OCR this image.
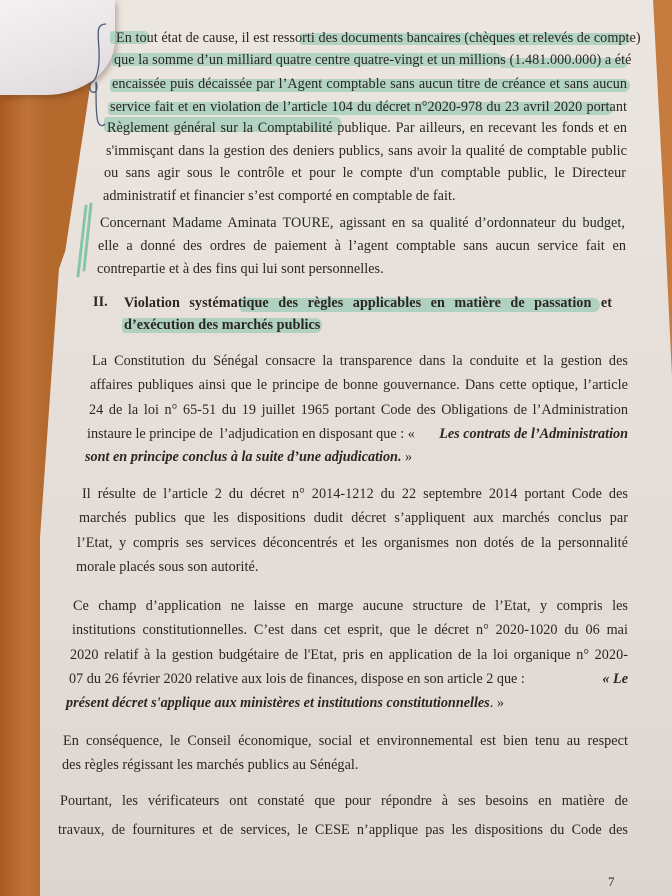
En tout état de cause, il est ressorti des documents bancaires (chèques et relevés de compte)
que la somme d’un milliard quatre centre quatre-vingt et un millions (1.481.000.000) a été
encaissée puis décaissée par l’Agent comptable sans aucun titre de créance et sans aucun
service fait et en violation de l’article 104 du décret n°2020-978 du 23 avril 2020 portant
Règlement général sur la Comptabilité publique. Par ailleurs, en recevant les fonds et en
s'immisçant dans la gestion des deniers publics, sans avoir la qualité de comptable public
ou sans agir sous le contrôle et pour le compte d'un comptable public, le Directeur
administratif et financier s’est comporté en comptable de fait.
Concernant Madame Aminata TOURE, agissant en sa qualité d’ordonnateur du budget,
elle a donné des ordres de paiement à l’agent comptable sans aucun service fait en
contrepartie et à des fins qui lui sont personnelles.
II.	Violation systématique des règles applicables en matière de passation et
d’exécution des marchés publics
La Constitution du Sénégal consacre la transparence dans la conduite et la gestion des
affaires publiques ainsi que le principe de bonne gouvernance. Dans cette optique, l’article
24 de la loi n° 65-51 du 19 juillet 1965 portant Code des Obligations de l’Administration
instaure le principe de  l’adjudication en disposant que : « Les contrats de l’Administration
sont en principe conclus à la suite d’une adjudication. »
Il résulte de l’article 2 du décret n° 2014-1212 du 22 septembre 2014 portant Code des
marchés publics que les dispositions dudit décret s’appliquent aux marchés conclus par
l’Etat, y compris ses services déconcentrés et les organismes non dotés de la personnalité
morale placés sous son autorité.
Ce champ d’application ne laisse en marge aucune structure de l’Etat, y compris les
institutions constitutionnelles. C’est dans cet esprit, que le décret n° 2020-1020 du 06 mai
2020 relatif à la gestion budgétaire de l'Etat, pris en application de la loi organique n° 2020-
07 du 26 février 2020 relative aux lois de finances, dispose en son article 2 que :	« Le
présent décret s'applique aux ministères et institutions constitutionnelles. »
En conséquence, le Conseil économique, social et environnemental est bien tenu au respect
des règles régissant les marchés publics au Sénégal.
Pourtant, les vérificateurs ont constaté que pour répondre à ses besoins en matière de
travaux, de fournitures et de services, le CESE n’applique pas les dispositions du Code des
7
